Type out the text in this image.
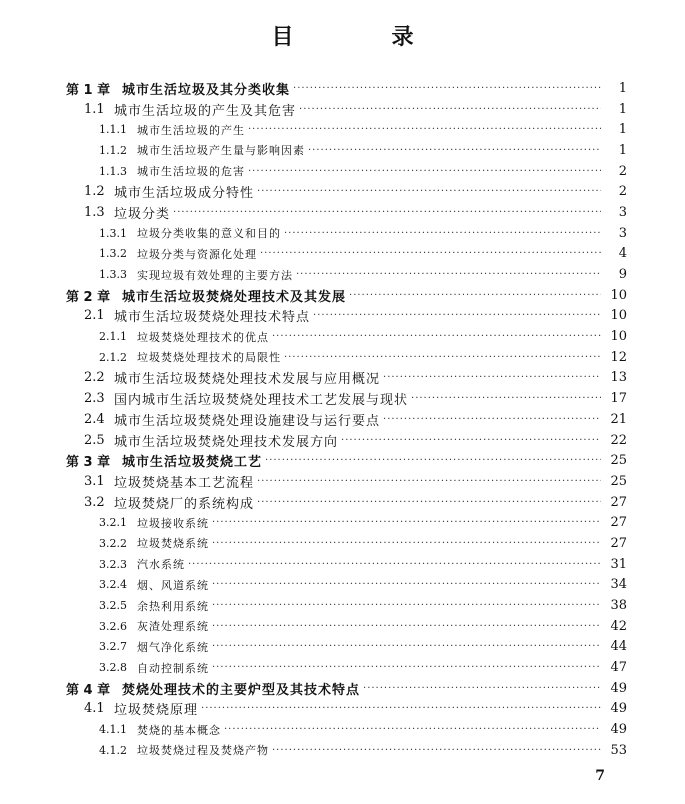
目　录
第 1 章 城市生活垃圾及其分类收集 ·····	1
1.1 城市生活垃圾的产生及其危害 ·····	1
1.1.1 城市生活垃圾的产生 ·····	1
1.1.2 城市生活垃圾产生量与影响因素 ·····	1
1.1.3 城市生活垃圾的危害 ·····	2
1.2 城市生活垃圾成分特性 ·····	2
1.3 垃圾分类 ·····	3
1.3.1 垃圾分类收集的意义和目的 ·····	3
1.3.2 垃圾分类与资源化处理 ·····	4
1.3.3 实现垃圾有效处理的主要方法 ·····	9
第 2 章 城市生活垃圾焚烧处理技术及其发展 ·····	10
2.1 城市生活垃圾焚烧处理技术特点 ·····	10
2.1.1 垃圾焚烧处理技术的优点 ·····	10
2.1.2 垃圾焚烧处理技术的局限性 ·····	12
2.2 城市生活垃圾焚烧处理技术发展与应用概况 ·····	13
2.3 国内城市生活垃圾焚烧处理技术工艺发展与现状 ·····	17
2.4 城市生活垃圾焚烧处理设施建设与运行要点 ·····	21
2.5 城市生活垃圾焚烧处理技术发展方向 ·····	22
第 3 章 城市生活垃圾焚烧工艺 ·····	25
3.1 垃圾焚烧基本工艺流程 ·····	25
3.2 垃圾焚烧厂的系统构成 ·····	27
3.2.1 垃圾接收系统 ·····	27
3.2.2 垃圾焚烧系统 ·····	27
3.2.3 汽水系统 ·····	31
3.2.4 烟、风道系统 ·····	34
3.2.5 余热利用系统 ·····	38
3.2.6 灰渣处理系统 ·····	42
3.2.7 烟气净化系统 ·····	44
3.2.8 自动控制系统 ·····	47
第 4 章 焚烧处理技术的主要炉型及其技术特点 ·····	49
4.1 垃圾焚烧原理 ·····	49
4.1.1 焚烧的基本概念 ·····	49
4.1.2 垃圾焚烧过程及焚烧产物 ·····	53
7
